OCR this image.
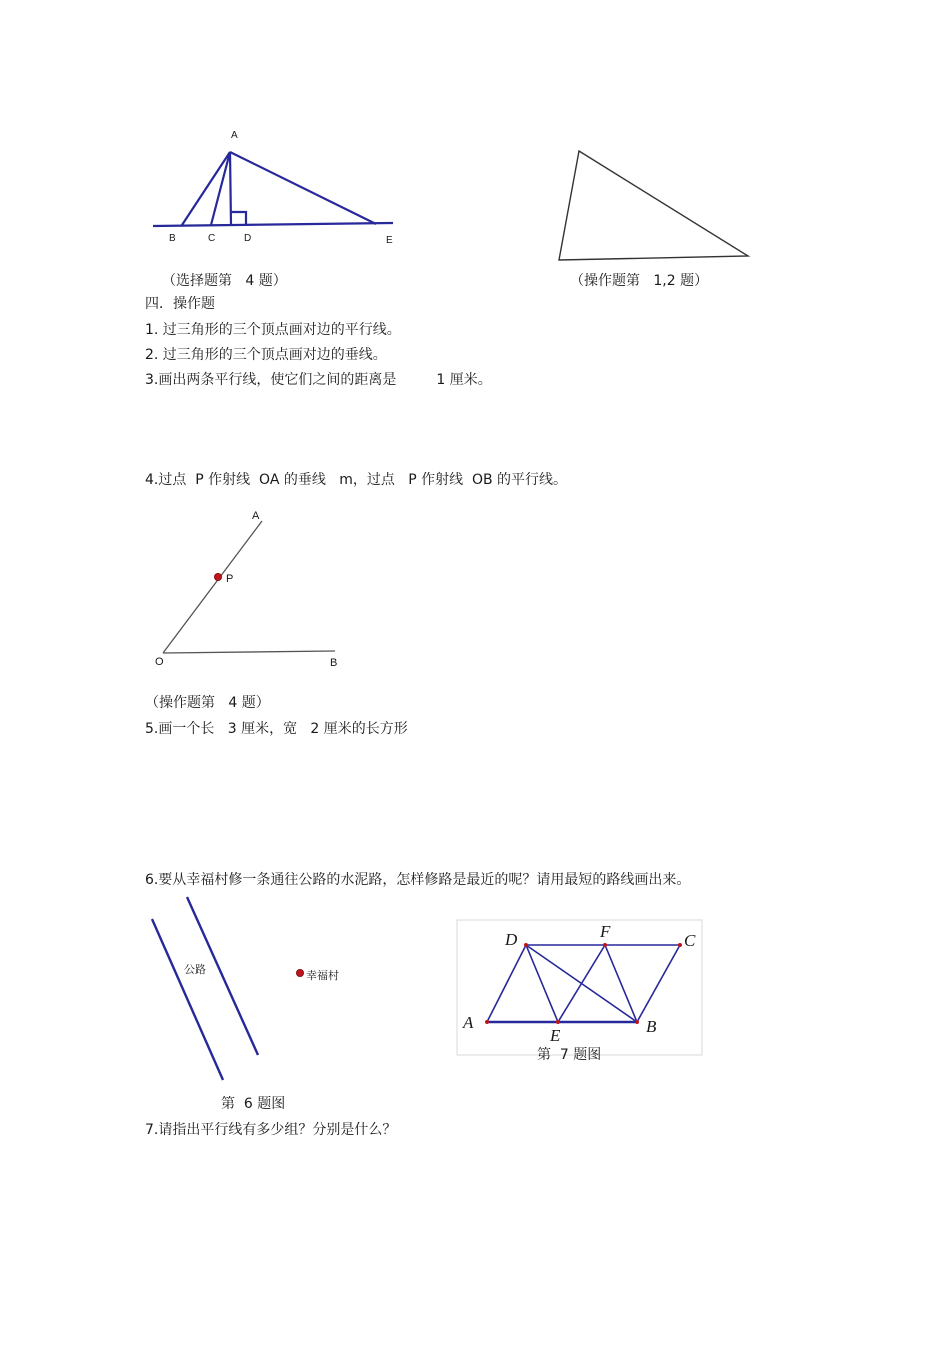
A
B	C	D	E
（选择题第   4 题）	（操作题第   1,2 题）
四．操作题
1. 过三角形的三个顶点画对边的平行线。
2. 过三角形的三个顶点画对边的垂线。
3.画出两条平行线，使它们之间的距离是         1 厘米。
4.过点  P 作射线  OA 的垂线   m，过点   P 作射线  OB 的平行线。
A
P
O	B
（操作题第   4 题）
5.画一个长   3 厘米，宽   2 厘米的长方形
6.要从幸福村修一条通往公路的水泥路，怎样修路是最近的呢？请用最短的路线画出来。
公路	幸福村
第  6 题图
D	F	C
A
E	B
第  7 题图
7.请指出平行线有多少组？分别是什么？
